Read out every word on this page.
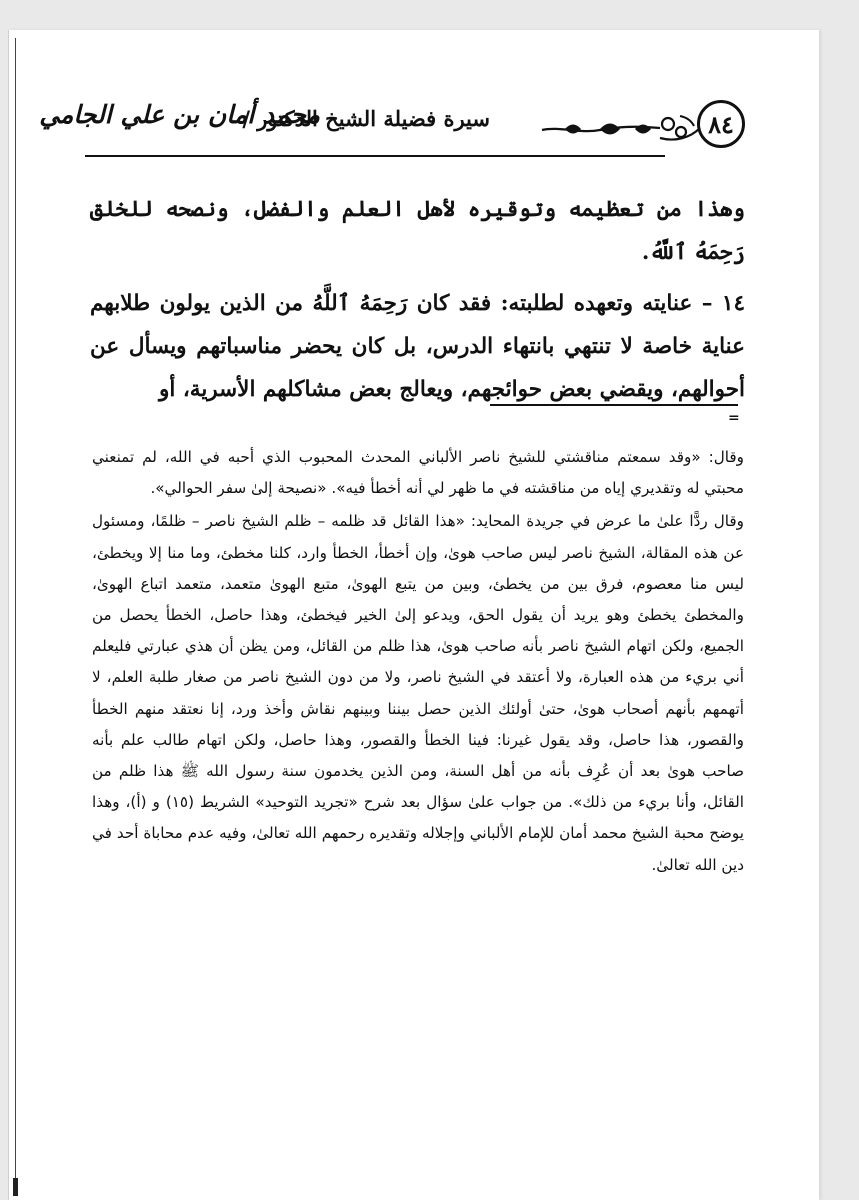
٨٤
سيرة فضيلة الشيخ الدكتور /
محمد أمان بن علي الجامي

وهذا من تعظيمه وتوقيره لأهل العلم والفضل، ونصحه للخلق رَحِمَهُ ٱللَّهُ.

١٤ – عنايته وتعهده لطلبته: فقد كان رَحِمَهُ ٱللَّهُ من الذين يولون طلابهم عناية خاصة لا تنتهي بانتهاء الدرس، بل كان يحضر مناسباتهم ويسأل عن أحوالهم، ويقضي بعض حوائجهم، ويعالج بعض مشاكلهم الأسرية، أو

=

وقال: «وقد سمعتم مناقشتي للشيخ ناصر الألباني المحدث المحبوب الذي أحبه في الله، لم تمنعني محبتي له وتقديري إياه من مناقشته في ما ظهر لي أنه أخطأ فيه». «نصيحة إلىٰ سفر الحوالي».

وقال ردًّا علىٰ ما عرض في جريدة المحايد: «هذا القائل قد ظلمه – ظلم الشيخ ناصر – ظلمًا، ومسئول عن هذه المقالة، الشيخ ناصر ليس صاحب هوىٰ، وإن أخطأ، الخطأ وارد، كلنا مخطئ، وما منا إلا ويخطئ، ليس منا معصوم، فرق بين من يخطئ، وبين من يتبع الهوىٰ، متبع الهوىٰ متعمد، متعمد اتباع الهوىٰ، والمخطئ يخطئ وهو يريد أن يقول الحق، ويدعو إلىٰ الخير فيخطئ، وهذا حاصل، الخطأ يحصل من الجميع، ولكن اتهام الشيخ ناصر بأنه صاحب هوىٰ، هذا ظلم من القائل، ومن يظن أن هذي عبارتي فليعلم أني بريء من هذه العبارة، ولا أعتقد في الشيخ ناصر، ولا من دون الشيخ ناصر من صغار طلبة العلم، لا أتهمهم بأنهم أصحاب هوىٰ، حتىٰ أولئك الذين حصل بيننا وبينهم نقاش وأخذ ورد، إنا نعتقد منهم الخطأ والقصور، هذا حاصل، وقد يقول غيرنا: فينا الخطأ والقصور، وهذا حاصل، ولكن اتهام طالب علم بأنه صاحب هوىٰ بعد أن عُرِف بأنه من أهل السنة، ومن الذين يخدمون سنة رسول الله ﷺ هذا ظلم من القائل، وأنا بريء من ذلك». من جواب علىٰ سؤال بعد شرح «تجريد التوحيد» الشريط (١٥) و (أ)، وهذا يوضح محبة الشيخ محمد أمان للإمام الألباني وإجلاله وتقديره رحمهم الله تعالىٰ، وفيه عدم محاباة أحد في دين الله تعالىٰ.
